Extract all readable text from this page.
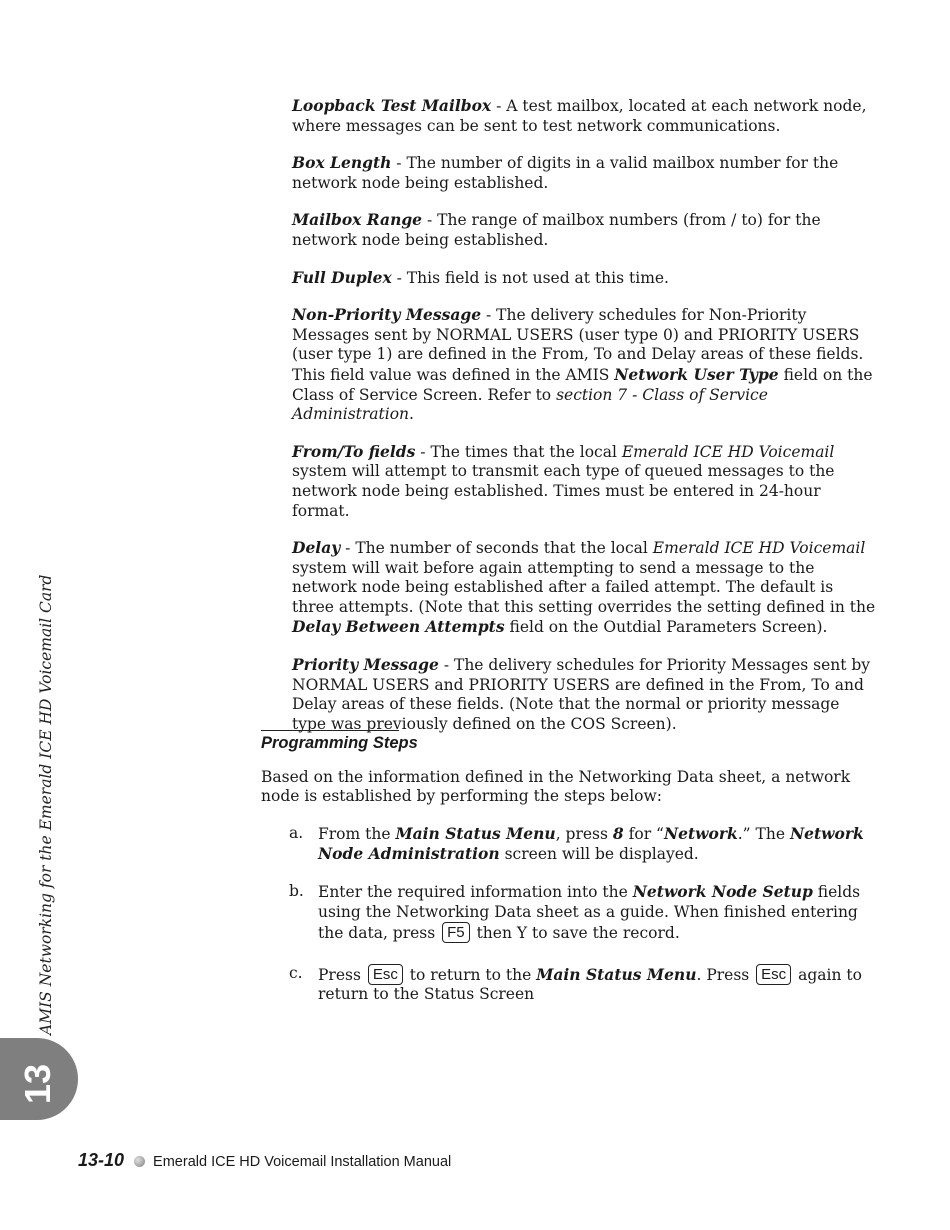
Loopback Test Mailbox - A test mailbox, located at each network node, where messages can be sent to test network communications.

Box Length - The number of digits in a valid mailbox number for the network node being established.

Mailbox Range - The range of mailbox numbers (from / to) for the network node being established.

Full Duplex - This field is not used at this time.

Non-Priority Message - The delivery schedules for Non-Priority Messages sent by NORMAL USERS (user type 0) and PRIORITY USERS (user type 1) are defined in the From, To and Delay areas of these fields. This field value was defined in the AMIS Network User Type field on the Class of Service Screen. Refer to section 7 - Class of Service Administration.

From/To fields - The times that the local Emerald ICE HD Voicemail system will attempt to transmit each type of queued messages to the network node being established. Times must be entered in 24-hour format.

Delay - The number of seconds that the local Emerald ICE HD Voicemail system will wait before again attempting to send a message to the network node being established after a failed attempt. The default is three attempts. (Note that this setting overrides the setting defined in the Delay Between Attempts field on the Outdial Parameters Screen).

Priority Message - The delivery schedules for Priority Messages sent by NORMAL USERS and PRIORITY USERS are defined in the From, To and Delay areas of these fields. (Note that the normal or priority message type was previously defined on the COS Screen).

Programming Steps

Based on the information defined in the Networking Data sheet, a network node is established by performing the steps below:

a. From the Main Status Menu, press 8 for “Network.” The Network Node Administration screen will be displayed.
b. Enter the required information into the Network Node Setup fields using the Networking Data sheet as a guide. When finished entering the data, press F5 then Y to save the record.
c. Press Esc to return to the Main Status Menu. Press Esc again to return to the Status Screen
AMIS Networking for the Emerald ICE HD Voicemail Card
13
13-10 Emerald ICE HD Voicemail Installation Manual
